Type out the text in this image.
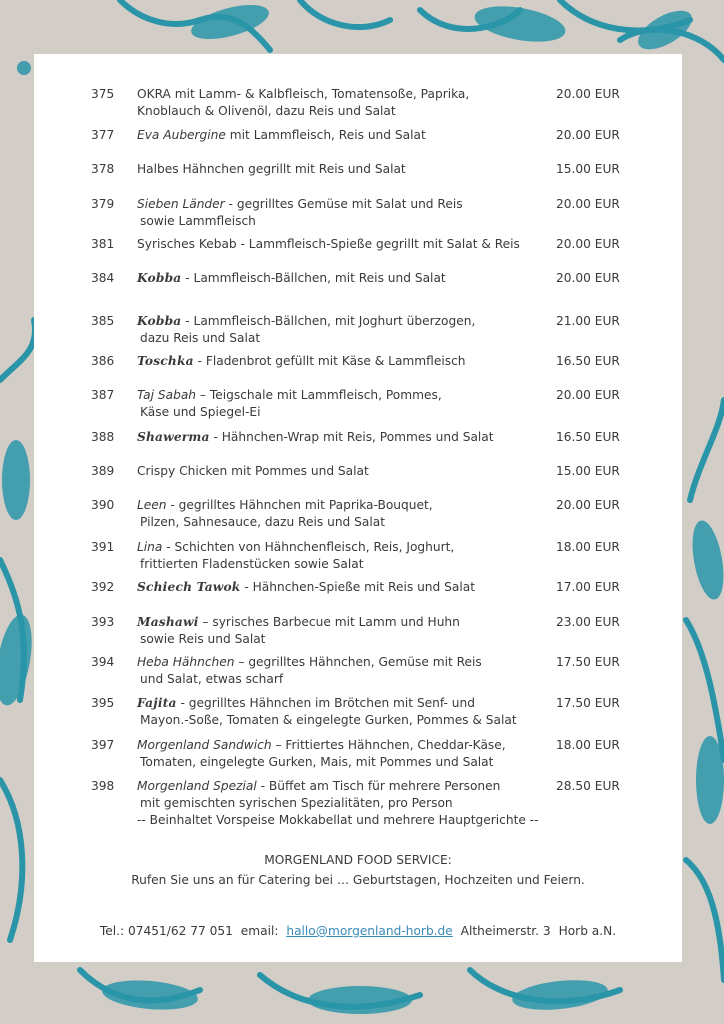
375 OKRA mit Lamm- & Kalbfleisch, Tomatensoße, Paprika,
Knoblauch & Olivenöl, dazu Reis und Salat
20.00 EUR
377 Eva Aubergine mit Lammfleisch, Reis und Salat	20.00 EUR
378 Halbes Hähnchen gegrillt mit Reis und Salat	15.00 EUR
379 Sieben Länder - gegrilltes Gemüse mit Salat und Reis
sowie Lammfleisch
20.00 EUR
381 Syrisches Kebab - Lammfleisch-Spieße gegrillt mit Salat & Reis	20.00 EUR
384 Kobba - Lammfleisch-Bällchen, mit Reis und Salat	20.00 EUR
385 Kobba - Lammfleisch-Bällchen, mit Joghurt überzogen,
dazu Reis und Salat
21.00 EUR
386 Toschka - Fladenbrot gefüllt mit Käse & Lammfleisch	16.50 EUR
387 Taj Sabah – Teigschale mit Lammfleisch, Pommes,
Käse und Spiegel-Ei
20.00 EUR
388 Shawerma - Hähnchen-Wrap mit Reis, Pommes und Salat	16.50 EUR
389 Crispy Chicken mit Pommes und Salat	15.00 EUR
390 Leen - gegrilltes Hähnchen mit Paprika-Bouquet,
Pilzen, Sahnesauce, dazu Reis und Salat
20.00 EUR
391 Lina - Schichten von Hähnchenfleisch, Reis, Joghurt,
frittierten Fladenstücken sowie Salat
18.00 EUR
392 Schiech Tawok - Hähnchen-Spieße mit Reis und Salat	17.00 EUR
393 Mashawi – syrisches Barbecue mit Lamm und Huhn
sowie Reis und Salat
23.00 EUR
394 Heba Hähnchen – gegrilltes Hähnchen, Gemüse mit Reis
und Salat, etwas scharf
17.50 EUR
395 Fajita - gegrilltes Hähnchen im Brötchen mit Senf- und
Mayon.-Soße, Tomaten & eingelegte Gurken, Pommes & Salat
17.50 EUR
397 Morgenland Sandwich – Frittiertes Hähnchen, Cheddar-Käse,
Tomaten, eingelegte Gurken, Mais, mit Pommes und Salat
18.00 EUR
398 Morgenland Spezial - Büffet am Tisch für mehrere Personen
mit gemischten syrischen Spezialitäten, pro Person
-- Beinhaltet Vorspeise Mokkabellat und mehrere Hauptgerichte --
28.50 EUR
MORGENLAND FOOD SERVICE:
Rufen Sie uns an für Catering bei … Geburtstagen, Hochzeiten und Feiern.
Tel.: 07451/62 77 051 email: hallo@morgenland-horb.de Altheimerstr. 3 Horb a.N.
